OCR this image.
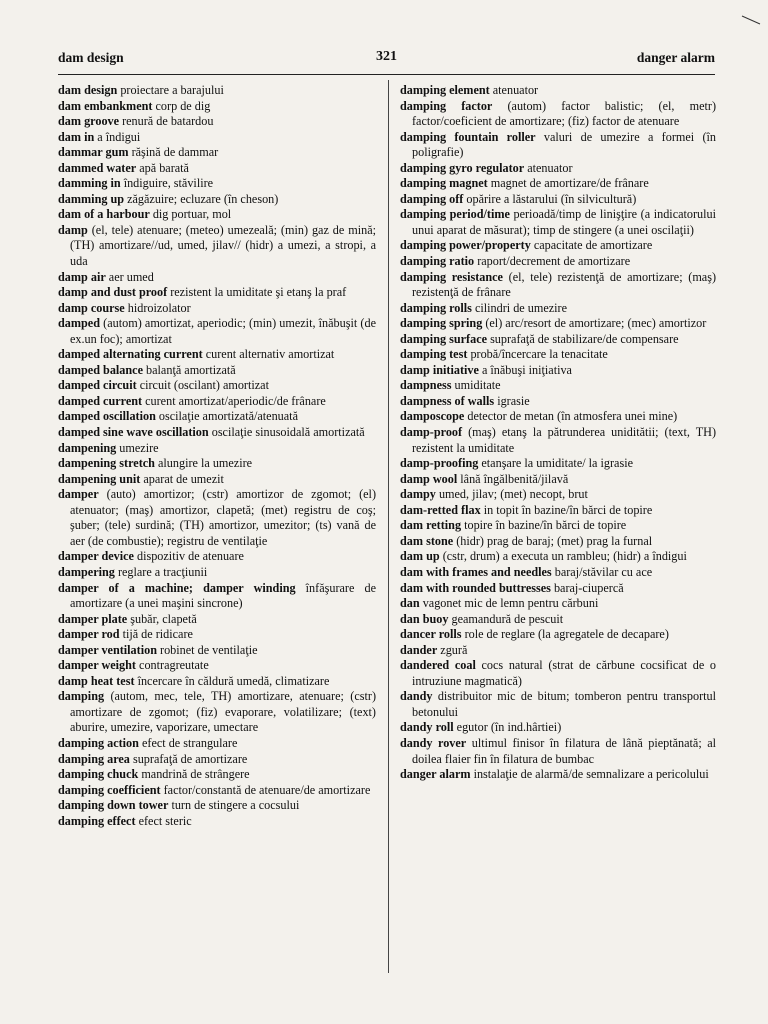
dam design	321	danger alarm

dam design proiectare a barajului

dam embankment corp de dig

dam groove renură de batardou

dam in a îndigui

dammar gum răşină de dammar

dammed water apă barată

damming in îndiguire, stăvilire

damming up zăgăzuire; ecluzare (în cheson)

dam of a harbour dig portuar, mol

damp (el, tele) atenuare; (meteo) umezeală; (min) gaz de mină; (TH) amortizare//ud, umed, jilav// (hidr) a umezi, a stropi, a uda

damp air aer umed

damp and dust proof rezistent la umiditate şi etanş la praf

damp course hidroizolator

damped (autom) amortizat, aperiodic; (min) umezit, înăbuşit (de ex.un foc); amortizat

damped alternating current curent alternativ amortizat

damped balance balanţă amortizată

damped circuit circuit (oscilant) amortizat

damped current curent amortizat/aperiodic/de frânare

damped oscillation oscilaţie amortizată/atenuată

damped sine wave oscillation oscilaţie sinusoidală amortizată

dampening umezire

dampening stretch alungire la umezire

dampening unit aparat de umezit

damper (auto) amortizor; (cstr) amortizor de zgomot; (el) atenuator; (maş) amortizor, clapetă; (met) registru de coş; şuber; (tele) surdină; (TH) amortizor, umezitor; (ts) vană de aer (de combustie); registru de ventilaţie

damper device dispozitiv de atenuare

dampering reglare a tracţiunii

damper of a machine; damper winding înfăşurare de amortizare (a unei maşini sincrone)

damper plate şubăr, clapetă

damper rod tijă de ridicare

damper ventilation robinet de ventilaţie

damper weight contragreutate

damp heat test încercare în căldură umedă, climatizare

damping (autom, mec, tele, TH) amortizare, atenuare; (cstr) amortizare de zgomot; (fiz) evaporare, volatilizare; (text) aburire, umezire, vaporizare, umectare

damping action efect de strangulare

damping area suprafaţă de amortizare

damping chuck mandrină de strângere

damping coefficient factor/constantă de atenuare/de amortizare

damping down tower turn de stingere a cocsului

damping effect efect steric

damping element atenuator

damping factor (autom) factor balistic; (el, metr) factor/coeficient de amortizare; (fiz) factor de atenuare

damping fountain roller valuri de umezire a formei (în poligrafie)

damping gyro regulator atenuator

damping magnet magnet de amortizare/de frânare

damping off opărire a lăstarului (în silvicultură)

damping period/time perioadă/timp de linişţire (a indicatorului unui aparat de măsurat); timp de stingere (a unei oscilaţii)

damping power/property capacitate de amortizare

damping ratio raport/decrement de amortizare

damping resistance (el, tele) rezistenţă de amortizare; (maş) rezistenţă de frânare

damping rolls cilindri de umezire

damping spring (el) arc/resort de amortizare; (mec) amortizor

damping surface suprafaţă de stabilizare/de compensare

damping test probă/încercare la tenacitate

damp initiative a înăbuşi iniţiativa

dampness umiditate

dampness of walls igrasie

damposcope detector de metan (în atmosfera unei mine)

damp-proof (maş) etanş la pătrunderea uniditătii; (text, TH) rezistent la umiditate

damp-proofing etanşare la umiditate/ la igrasie

damp wool lână îngălbenită/jilavă

dampy umed, jilav; (met) necopt, brut

dam-retted flax in topit în bazine/în bărci de topire

dam retting topire în bazine/în bărci de topire

dam stone (hidr) prag de baraj; (met) prag la furnal

dam up (cstr, drum) a executa un rambleu; (hidr) a îndigui

dam with frames and needles baraj/stăvilar cu ace

dam with rounded buttresses baraj-ciupercă

dan vagonet mic de lemn pentru cărbuni

dan buoy geamandură de pescuit

dancer rolls role de reglare (la agregatele de decapare)

dander zgură

dandered coal cocs natural (strat de cărbune cocsificat de o intruziune magmatică)

dandy distribuitor mic de bitum; tomberon pentru transportul betonului

dandy roll egutor (în ind.hârtiei)

dandy rover ultimul finisor în filatura de lână pieptănată; al doilea flaier fin în filatura de bumbac

danger alarm instalaţie de alarmă/de semnalizare a pericolului
